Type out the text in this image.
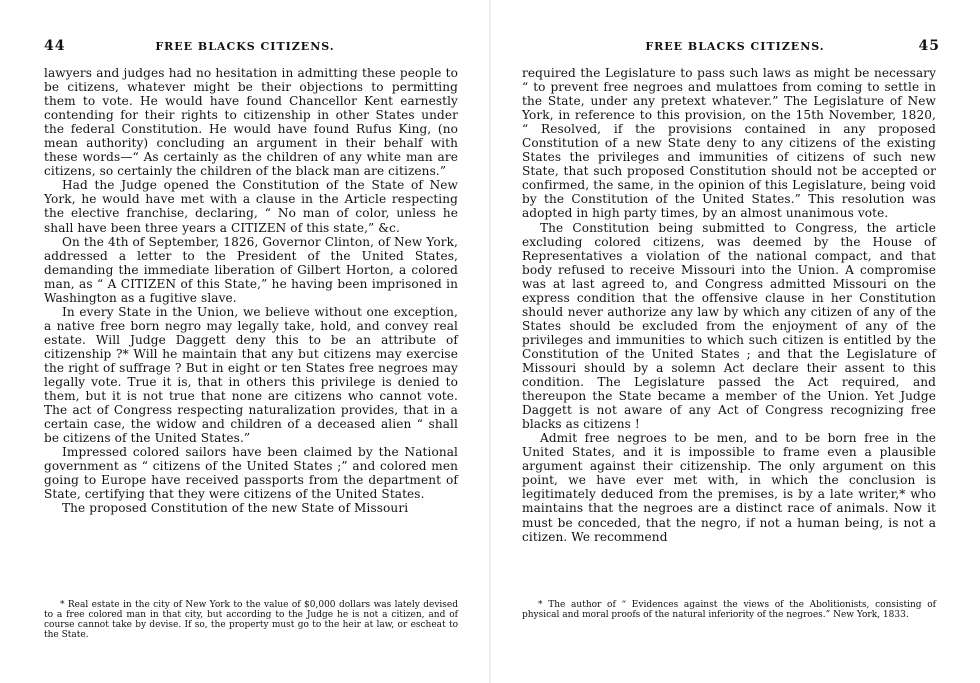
44	FREE BLACKS CITIZENS.

lawyers and judges had no hesitation in admitting these people to be citizens, whatever might be their objections to permitting them to vote. He would have found Chancellor Kent earnestly contending for their rights to citizenship in other States under the federal Constitution. He would have found Rufus King, (no mean authority) concluding an argument in their behalf with these words—“ As certainly as the children of any white man are citizens, so certainly the children of the black man are citizens.”

Had the Judge opened the Constitution of the State of New York, he would have met with a clause in the Article respecting the elective franchise, declaring, “ No man of color, unless he shall have been three years a CITIZEN of this state,” &c.

On the 4th of September, 1826, Governor Clinton, of New York, addressed a letter to the President of the United States, demanding the immediate liberation of Gilbert Horton, a colored man, as “ A CITIZEN of this State,” he having been imprisoned in Washington as a fugitive slave.

In every State in the Union, we believe without one exception, a native free born negro may legally take, hold, and convey real estate. Will Judge Daggett deny this to be an attribute of citizenship ?* Will he maintain that any but citizens may exercise the right of suffrage ? But in eight or ten States free negroes may legally vote. True it is, that in others this privilege is denied to them, but it is not true that none are citizens who cannot vote. The act of Congress respecting naturalization provides, that in a certain case, the widow and children of a deceased alien “ shall be citizens of the United States.”

Impressed colored sailors have been claimed by the National government as “ citizens of the United States ;” and colored men going to Europe have received passports from the department of State, certifying that they were citizens of the United States.

The proposed Constitution of the new State of Missouri

* Real estate in the city of New York to the value of $0,000 dollars was lately devised to a free colored man in that city, but according to the Judge he is not a citizen, and of course cannot take by devise. If so, the property must go to the heir at law, or escheat to the State.

FREE BLACKS CITIZENS.	45

required the Legislature to pass such laws as might be necessary “ to prevent free negroes and mulattoes from coming to settle in the State, under any pretext whatever.” The Legislature of New York, in reference to this provision, on the 15th November, 1820, “ Resolved, if the provisions contained in any proposed Constitution of a new State deny to any citizens of the existing States the privileges and immunities of citizens of such new State, that such proposed Constitution should not be accepted or confirmed, the same, in the opinion of this Legislature, being void by the Constitution of the United States.” This resolution was adopted in high party times, by an almost unanimous vote.

The Constitution being submitted to Congress, the article excluding colored citizens, was deemed by the House of Representatives a violation of the national compact, and that body refused to receive Missouri into the Union. A compromise was at last agreed to, and Congress admitted Missouri on the express condition that the offensive clause in her Constitution should never authorize any law by which any citizen of any of the States should be excluded from the enjoyment of any of the privileges and immunities to which such citizen is entitled by the Constitution of the United States ; and that the Legislature of Missouri should by a solemn Act declare their assent to this condition. The Legislature passed the Act required, and thereupon the State became a member of the Union. Yet Judge Daggett is not aware of any Act of Congress recognizing free blacks as citizens !

Admit free negroes to be men, and to be born free in the United States, and it is impossible to frame even a plausible argument against their citizenship. The only argument on this point, we have ever met with, in which the conclusion is legitimately deduced from the premises, is by a late writer,* who maintains that the negroes are a distinct race of animals. Now it must be conceded, that the negro, if not a human being, is not a citizen. We recommend

* The author of “ Evidences against the views of the Abolitionists, consisting of physical and moral proofs of the natural inferiority of the negroes.” New York, 1833.
